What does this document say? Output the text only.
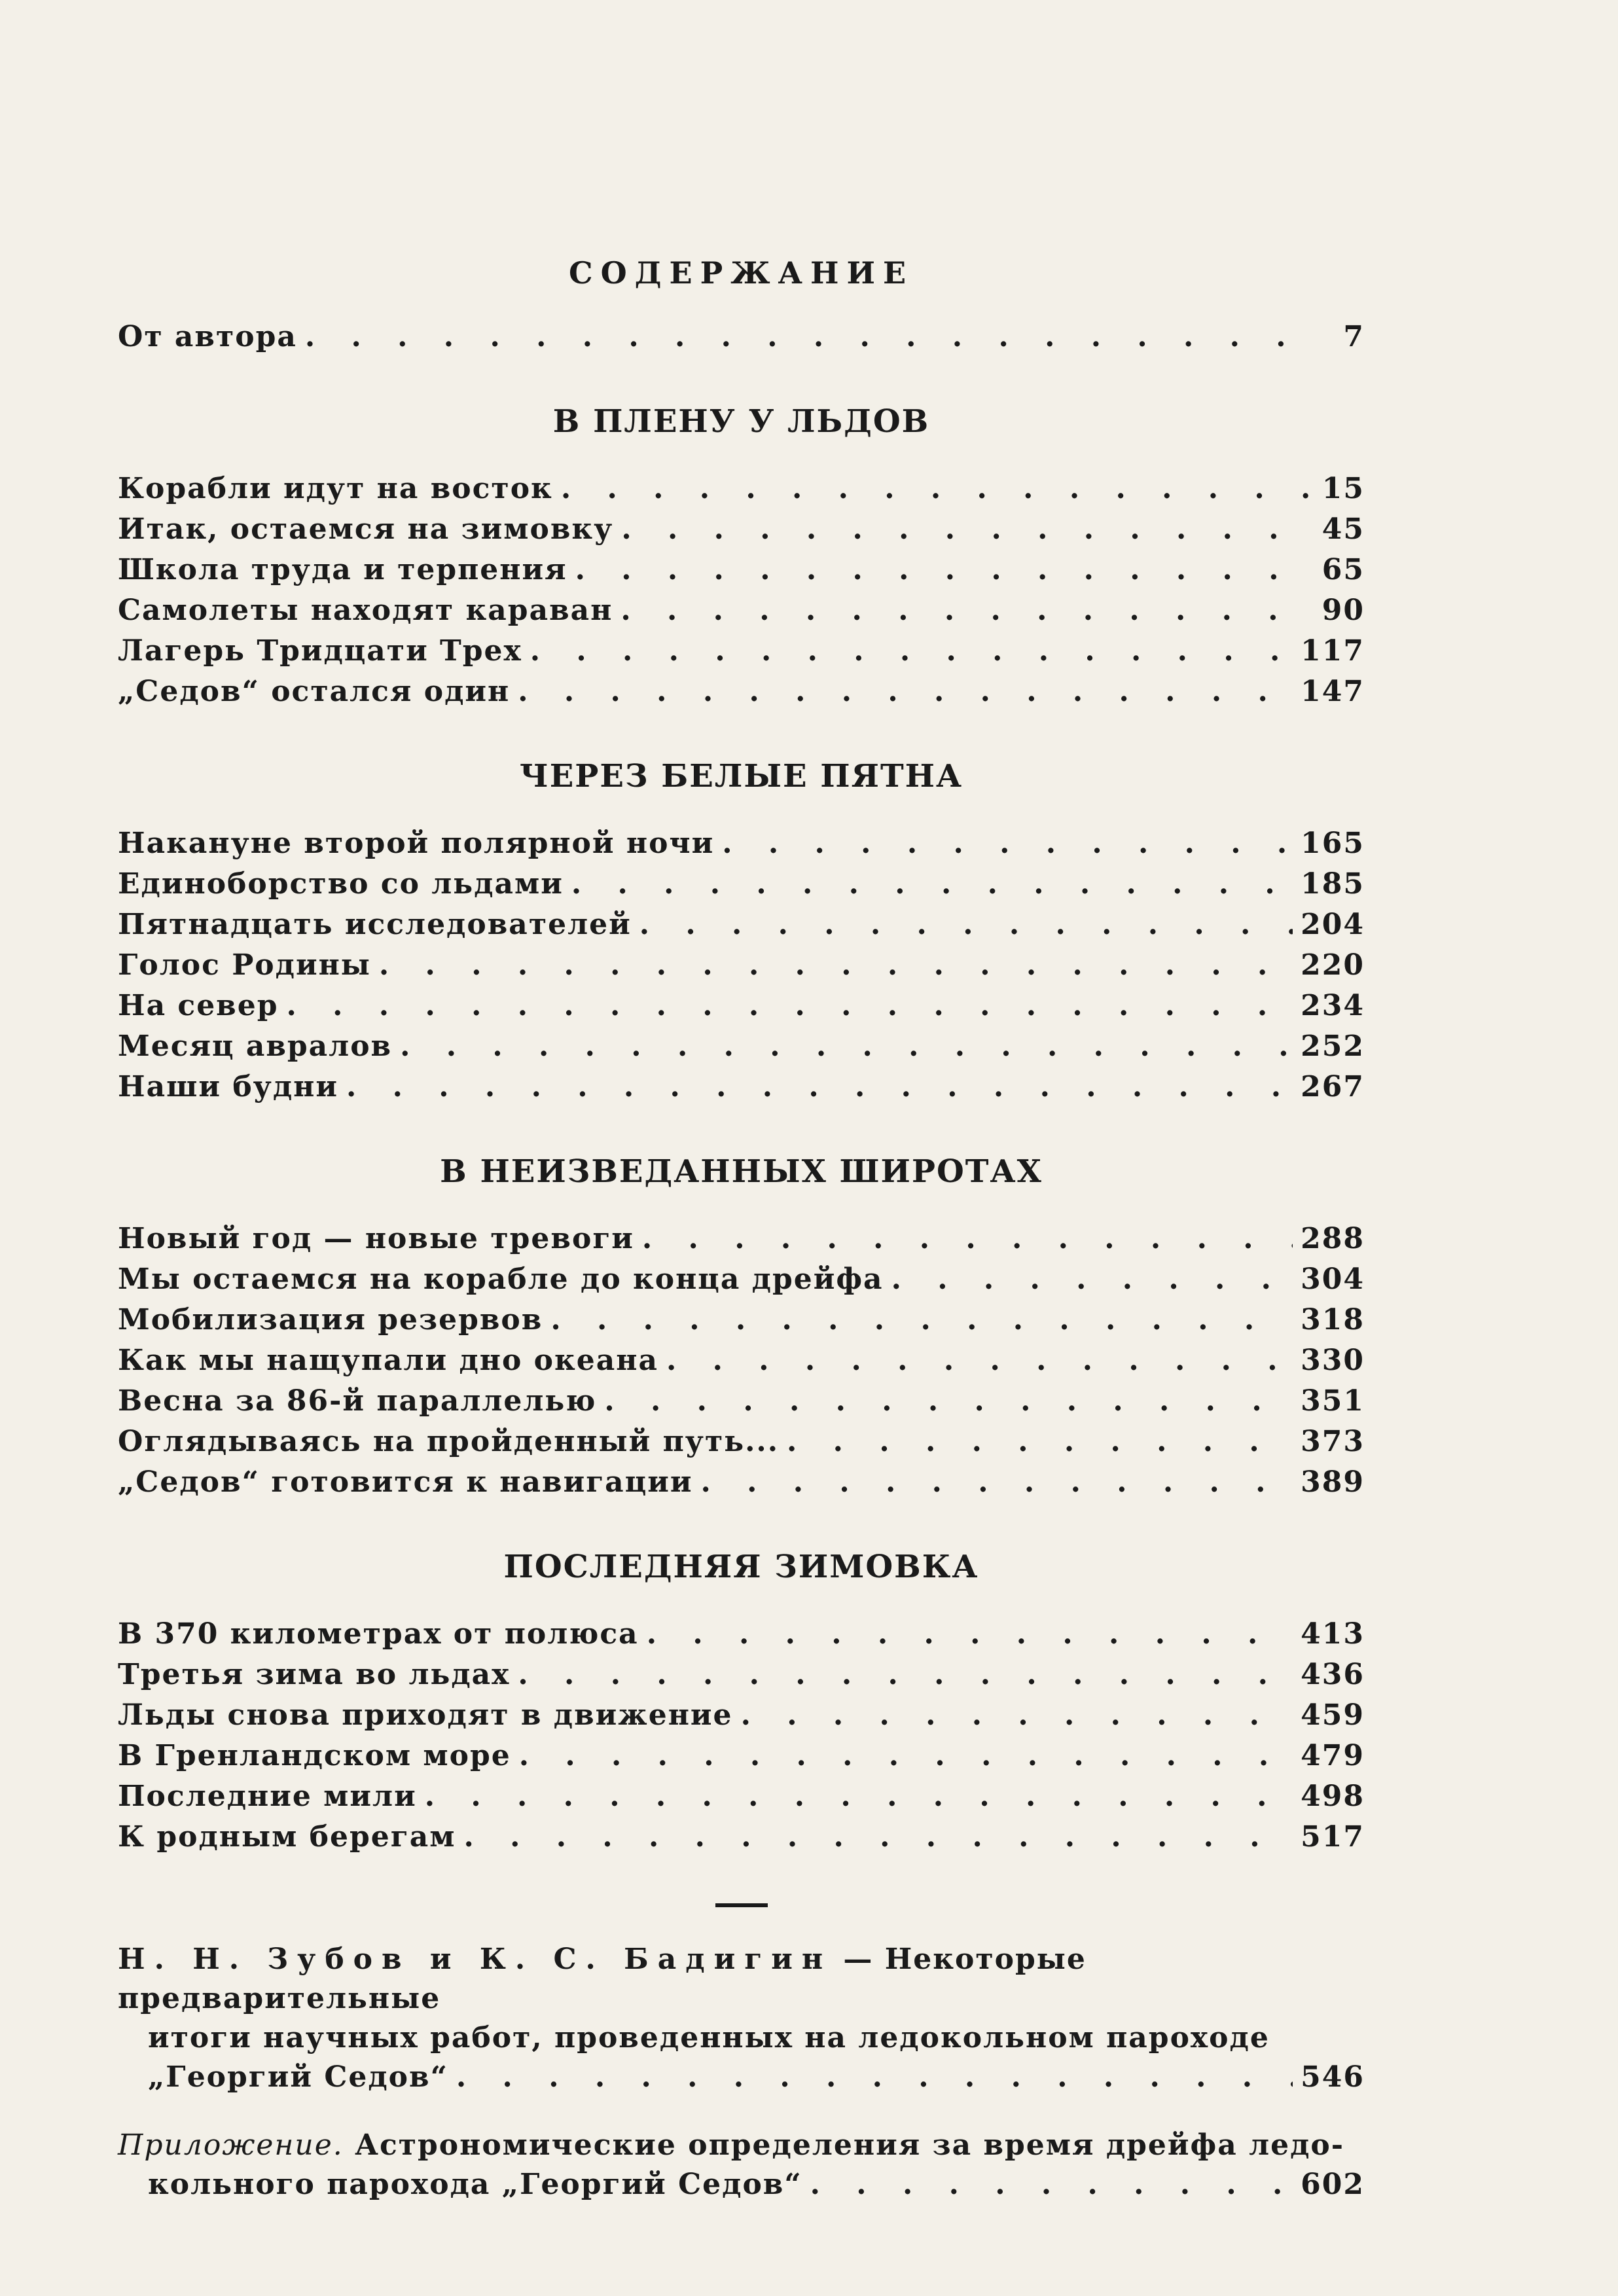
СОДЕРЖАНИЕ
От автора . . .	7
В ПЛЕНУ У ЛЬДОВ
Корабли идут на восток . . .	15
Итак, остаемся на зимовку . . .	45
Школа труда и терпения . . .	65
Самолеты находят караван . . .	90
Лагерь Тридцати Трех . . .	117
„Седов“ остался один . . .	147
ЧЕРЕЗ БЕЛЫЕ ПЯТНА
Накануне второй полярной ночи . . .	165
Единоборство со льдами . . .	185
Пятнадцать исследователей . . .	204
Голос Родины . . .	220
На север . . .	234
Месяц авралов . . .	252
Наши будни . . .	267
В НЕИЗВЕДАННЫХ ШИРОТАХ
Новый год — новые тревоги . . .	288
Мы остаемся на корабле до конца дрейфа . . .	304
Мобилизация резервов . . .	318
Как мы нащупали дно океана . . .	330
Весна за 86-й параллелью . . .	351
Оглядываясь на пройденный путь... . . .	373
„Седов“ готовится к навигации . . .	389
ПОСЛЕДНЯЯ ЗИМОВКА
В 370 километрах от полюса . . .	413
Третья зима во льдах . . .	436
Льды снова приходят в движение . . .	459
В Гренландском море . . .	479
Последние мили . . .	498
К родным берегам . . .	517
Н. Н. Зубов и К. С. Бадигин — Некоторые предварительные
итоги научных работ, проведенных на ледокольном пароходе
„Георгий Седов“ . . .	546
Приложение. Астрономические определения за время дрейфа ледо-
кольного парохода „Георгий Седов“ . . .	602
